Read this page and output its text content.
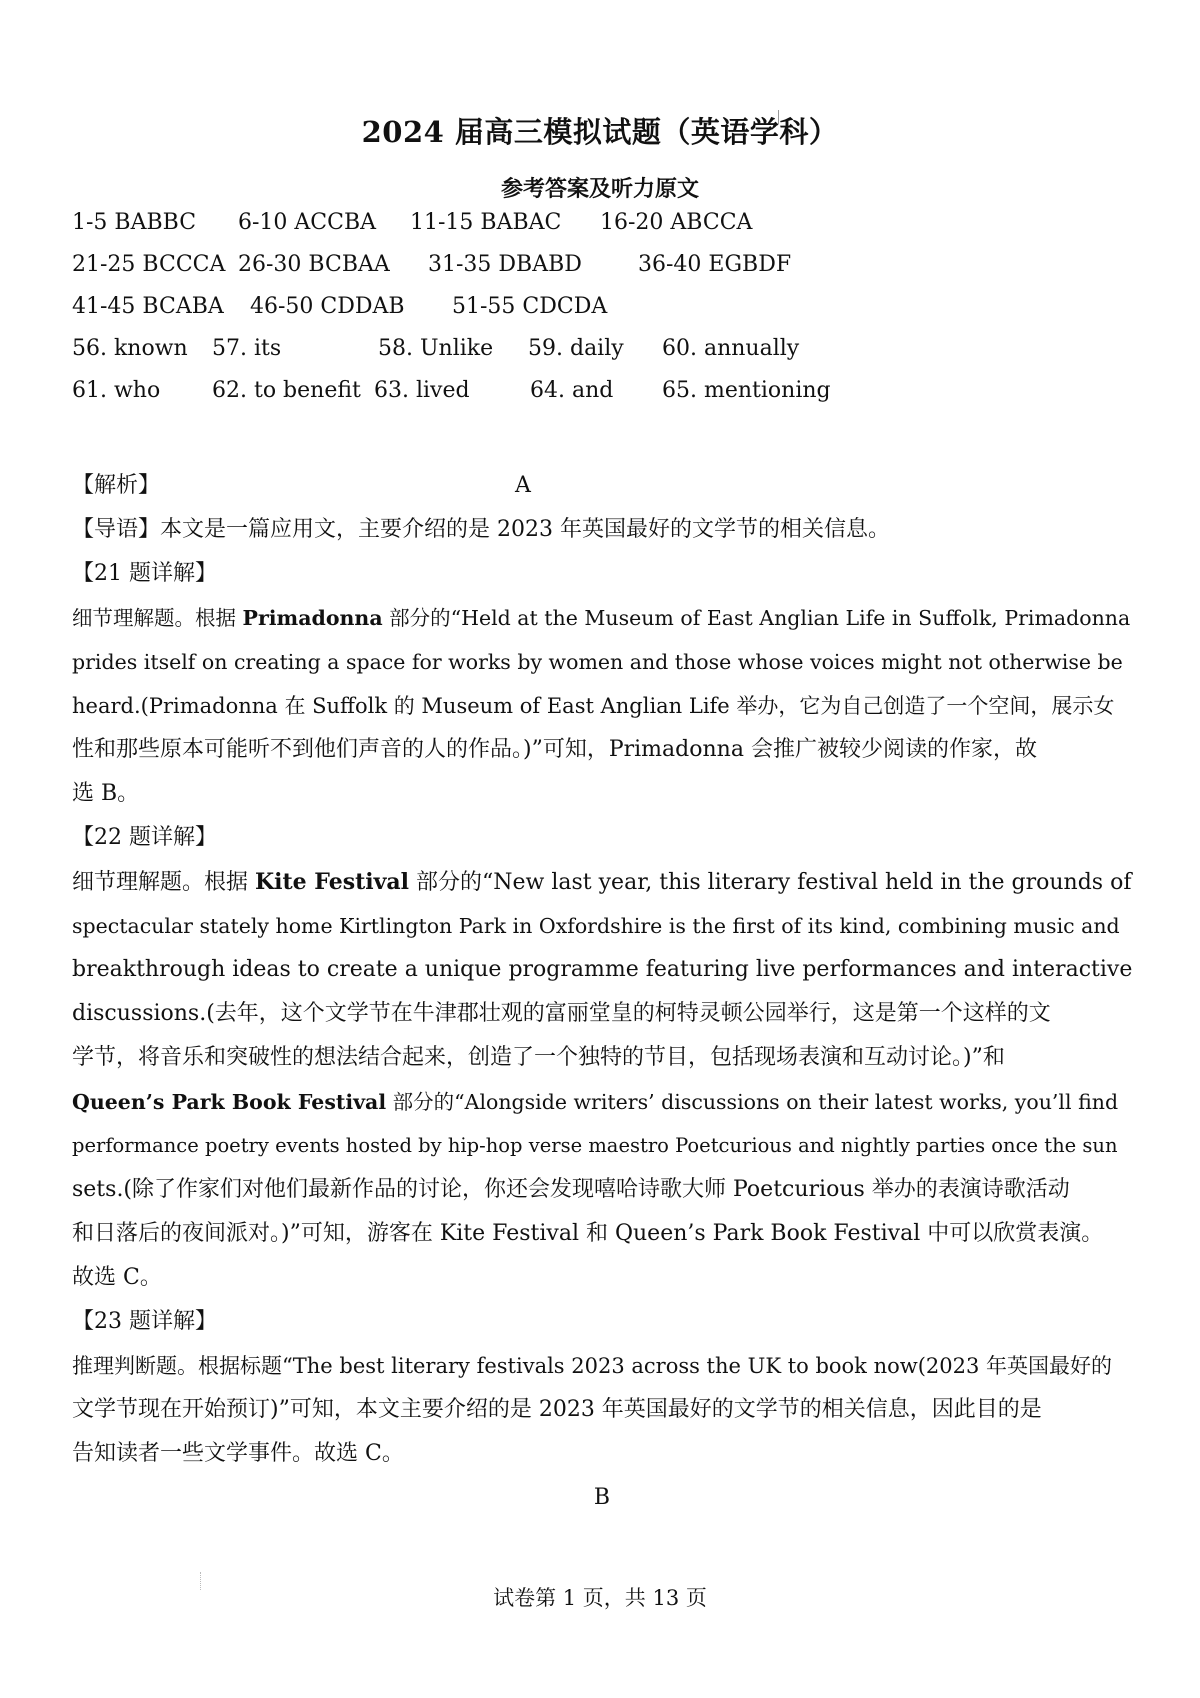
2024 届高三模拟试题（英语学科）
参考答案及听力原文
1-5 BABBC 6-10 ACCBA 11-15 BABAC 16-20 ABCCA
21-25 BCCCA 26-30 BCBAA 31-35 DBABD	36-40 EGBDF
41-45 BCABA 46-50 CDDAB 51-55 CDCDA
56. known 57. its	58. Unlike 59. daily 60. annually
61. who 62. to benefit 63. lived	64. and 65. mentioning
【解析】	A
【导语】本文是一篇应用文，主要介绍的是 2023 年英国最好的文学节的相关信息。
【21 题详解】
细节理解题。根据 Primadonna 部分的“Held at the Museum of East Anglian Life in Suffolk, Primadonna
prides itself on creating a space for works by women and those whose voices might not otherwise be
heard.(Primadonna 在 Suffolk 的 Museum of East Anglian Life 举办，它为自己创造了一个空间，展示女
性和那些原本可能听不到他们声音的人的作品。)”可知，Primadonna 会推广被较少阅读的作家，故
选 B。
【22 题详解】
细节理解题。根据 Kite Festival 部分的“New last year, this literary festival held in the grounds of
spectacular stately home Kirtlington Park in Oxfordshire is the first of its kind, combining music and
breakthrough ideas to create a unique programme featuring live performances and interactive
discussions.(去年，这个文学节在牛津郡壮观的富丽堂皇的柯特灵顿公园举行，这是第一个这样的文
学节，将音乐和突破性的想法结合起来，创造了一个独特的节目，包括现场表演和互动讨论。)”和
Queen’s Park Book Festival 部分的“Alongside writers’ discussions on their latest works, you’ll find
performance poetry events hosted by hip-hop verse maestro Poetcurious and nightly parties once the sun
sets.(除了作家们对他们最新作品的讨论，你还会发现嘻哈诗歌大师 Poetcurious 举办的表演诗歌活动
和日落后的夜间派对。)”可知，游客在 Kite Festival 和 Queen’s Park Book Festival 中可以欣赏表演。
故选 C。
【23 题详解】
推理判断题。根据标题“The best literary festivals 2023 across the UK to book now(2023 年英国最好的
文学节现在开始预订)”可知，本文主要介绍的是 2023 年英国最好的文学节的相关信息，因此目的是
告知读者一些文学事件。故选 C。
B
试卷第 1 页，共 13 页
